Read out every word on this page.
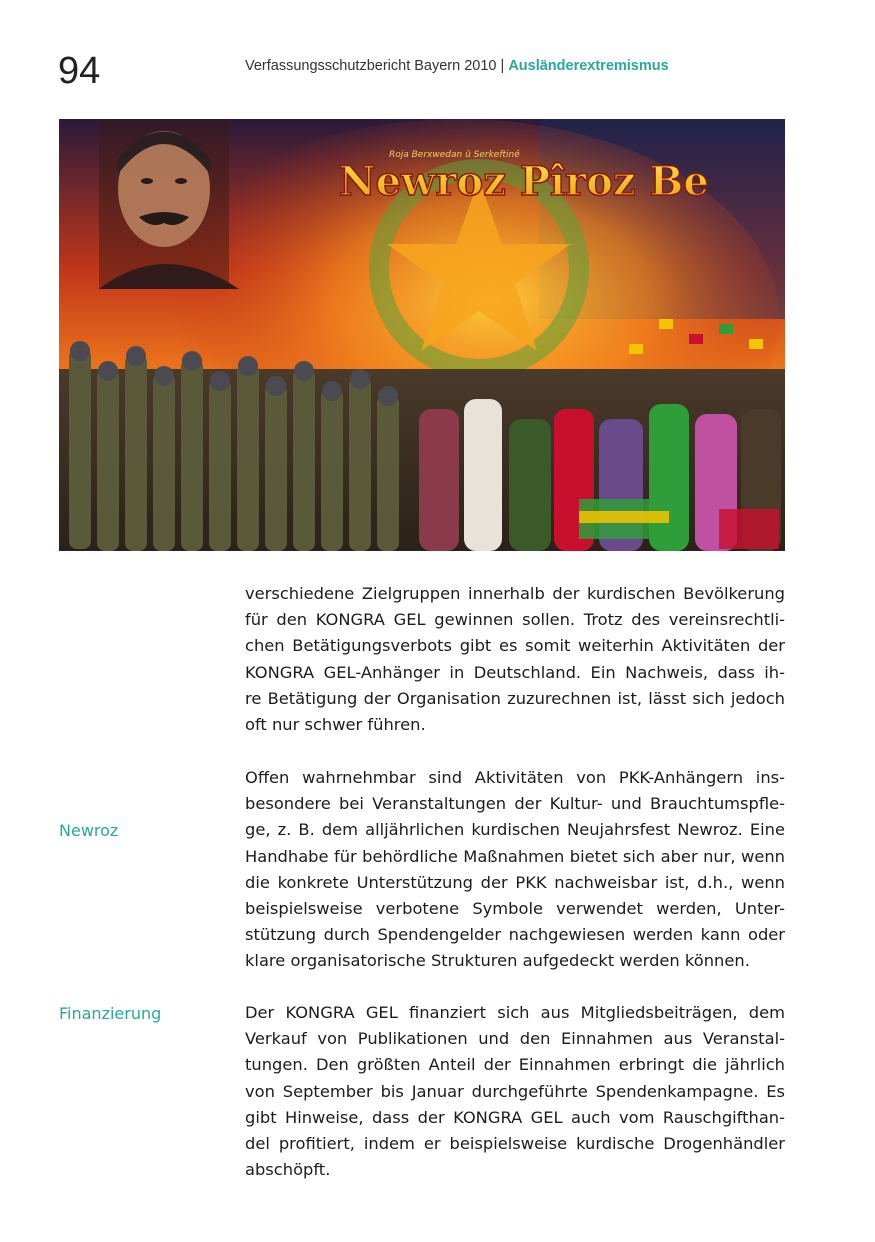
94	Verfassungsschutzbericht Bayern 2010 | Ausländerextremismus
Roja Berxwedan û Serkeftinê
Newroz Pîroz Be
verschiedene Zielgruppen innerhalb der kurdischen Bevölkerung
für den KONGRA GEL gewinnen sollen. Trotz des vereinsrechtli-
chen Betätigungsverbots gibt es somit weiterhin Aktivitäten der
KONGRA GEL-Anhänger in Deutschland. Ein Nachweis, dass ih-
re Betätigung der Organisation zuzurechnen ist, lässt sich jedoch
oft nur schwer führen.
Newroz
Offen wahrnehmbar sind Aktivitäten von PKK-Anhängern ins-
besondere bei Veranstaltungen der Kultur- und Brauchtumspfle-
ge, z. B. dem alljährlichen kurdischen Neujahrsfest Newroz. Eine
Handhabe für behördliche Maßnahmen bietet sich aber nur, wenn
die konkrete Unterstützung der PKK nachweisbar ist, d.h., wenn
beispielsweise verbotene Symbole verwendet werden, Unter-
stützung durch Spendengelder nachgewiesen werden kann oder
klare organisatorische Strukturen aufgedeckt werden können.
Finanzierung	Der KONGRA GEL finanziert sich aus Mitgliedsbeiträgen, dem
Verkauf von Publikationen und den Einnahmen aus Veranstal-
tungen. Den größten Anteil der Einnahmen erbringt die jährlich
von September bis Januar durchgeführte Spendenkampagne. Es
gibt Hinweise, dass der KONGRA GEL auch vom Rauschgifthan-
del profitiert, indem er beispielsweise kurdische Drogenhändler
abschöpft.
